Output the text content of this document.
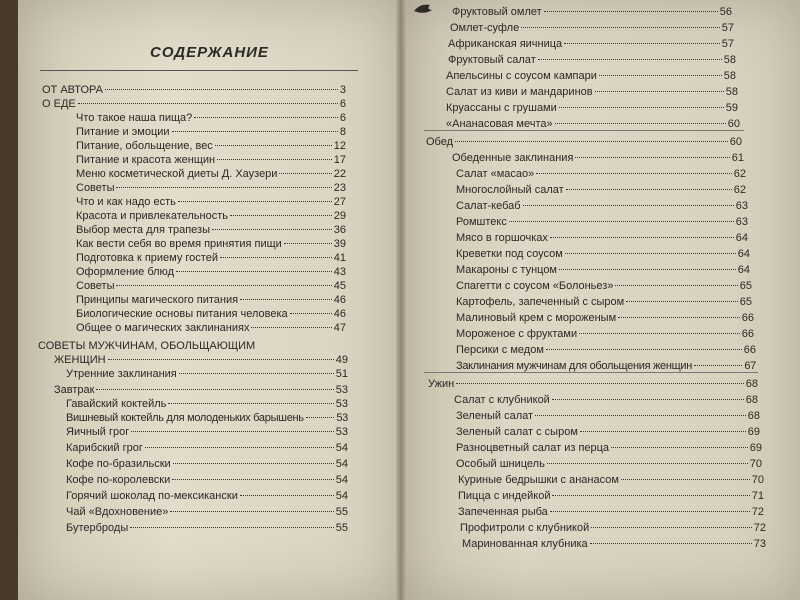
СОДЕРЖАНИЕ
ОТ АВТОРА	3
О ЕДЕ	6
Что такое наша пища?	6
Питание и эмоции	8
Питание, обольщение, вес	12
Питание и красота женщин	17
Меню косметической диеты Д. Хаузери	22
Советы	23
Что и как надо есть	27
Красота и привлекательность	29
Выбор места для трапезы	36
Как вести себя во время принятия пищи	39
Подготовка к приему гостей	41
Оформление блюд	43
Советы	45
Принципы магического питания	46
Биологические основы питания человека	46
Общее о магических заклинаниях	47
СОВЕТЫ МУЖЧИНАМ, ОБОЛЬЩАЮЩИМ
ЖЕНЩИН	49
Утренние заклинания	51
Завтрак	53
Гавайский коктейль	53
Вишневый коктейль для молоденьких барышень	53
Яичный грог	53
Карибский грог	54
Кофе по-бразильски	54
Кофе по-королевски	54
Горячий шоколад по-мексикански	54
Чай «Вдохновение»	55
Бутерброды	55
Фруктовый омлет	56
Омлет-суфле	57
Африканская яичница	57
Фруктовый салат	58
Апельсины с соусом кампари	58
Салат из киви и мандаринов	58
Круассаны с грушами	59
«Ананасовая мечта»	60
Обед	60
Обеденные заклинания	61
Салат «масао»	62
Многослойный салат	62
Салат-кебаб	63
Ромштекс	63
Мясо в горшочках	64
Креветки под соусом	64
Макароны с тунцом	64
Спагетти с соусом «Болоньез»	65
Картофель, запеченный с сыром	65
Малиновый крем с мороженым	66
Мороженое с фруктами	66
Персики с медом	66
Заклинания мужчинам для обольщения женщин	67
Ужин	68
Салат с клубникой	68
Зеленый салат	68
Зеленый салат с сыром	69
Разноцветный салат из перца	69
Особый шницель	70
Куриные бедрышки с ананасом	70
Пицца с индейкой	71
Запеченная рыба	72
Профитроли с клубникой	72
Маринованная клубника	73
